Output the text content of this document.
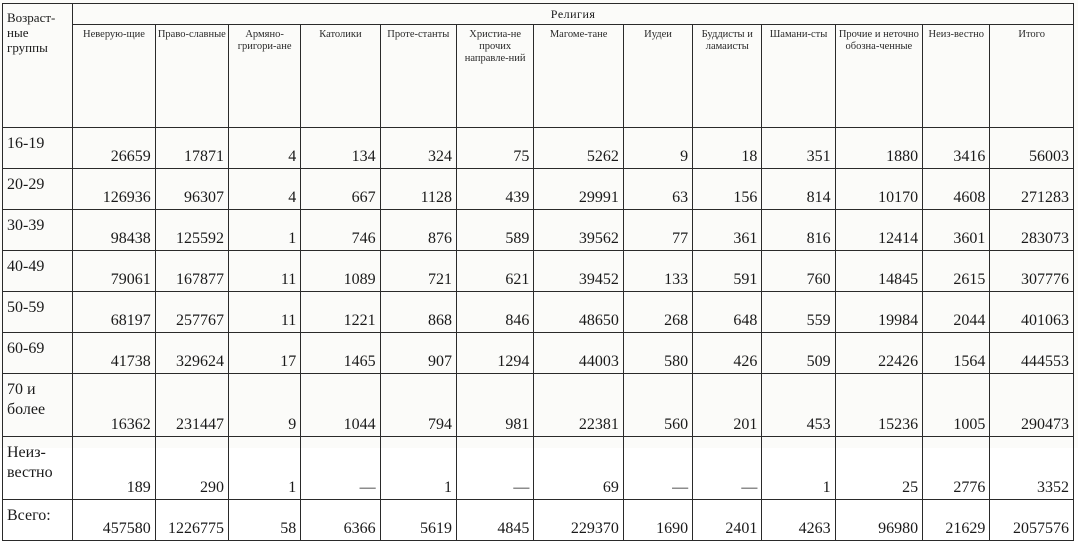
Возраст-ные группы	Религия												
	Неверую-щие	Право-славные	Армяно-григори-ане	Католики	Проте-станты	Христиа-не прочих направле-ний	Магоме-тане	Иудеи	Буддисты и ламаисты	Шамани-сты	Прочие и неточно обозна-ченные	Неиз-вестно	Итого
16-19	26659	17871	4	134	324	75	5262	9	18	351	1880	3416	56003
20-29	126936	96307	4	667	1128	439	29991	63	156	814	10170	4608	271283
30-39	98438	125592	1	746	876	589	39562	77	361	816	12414	3601	283073
40-49	79061	167877	11	1089	721	621	39452	133	591	760	14845	2615	307776
50-59	68197	257767	11	1221	868	846	48650	268	648	559	19984	2044	401063
60-69	41738	329624	17	1465	907	1294	44003	580	426	509	22426	1564	444553
70 и более	16362	231447	9	1044	794	981	22381	560	201	453	15236	1005	290473
Неиз-вестно	189	290	1	—	1	—	69	—	—	1	25	2776	3352
Всего:	457580	1226775	58	6366	5619	4845	229370	1690	2401	4263	96980	21629	2057576
